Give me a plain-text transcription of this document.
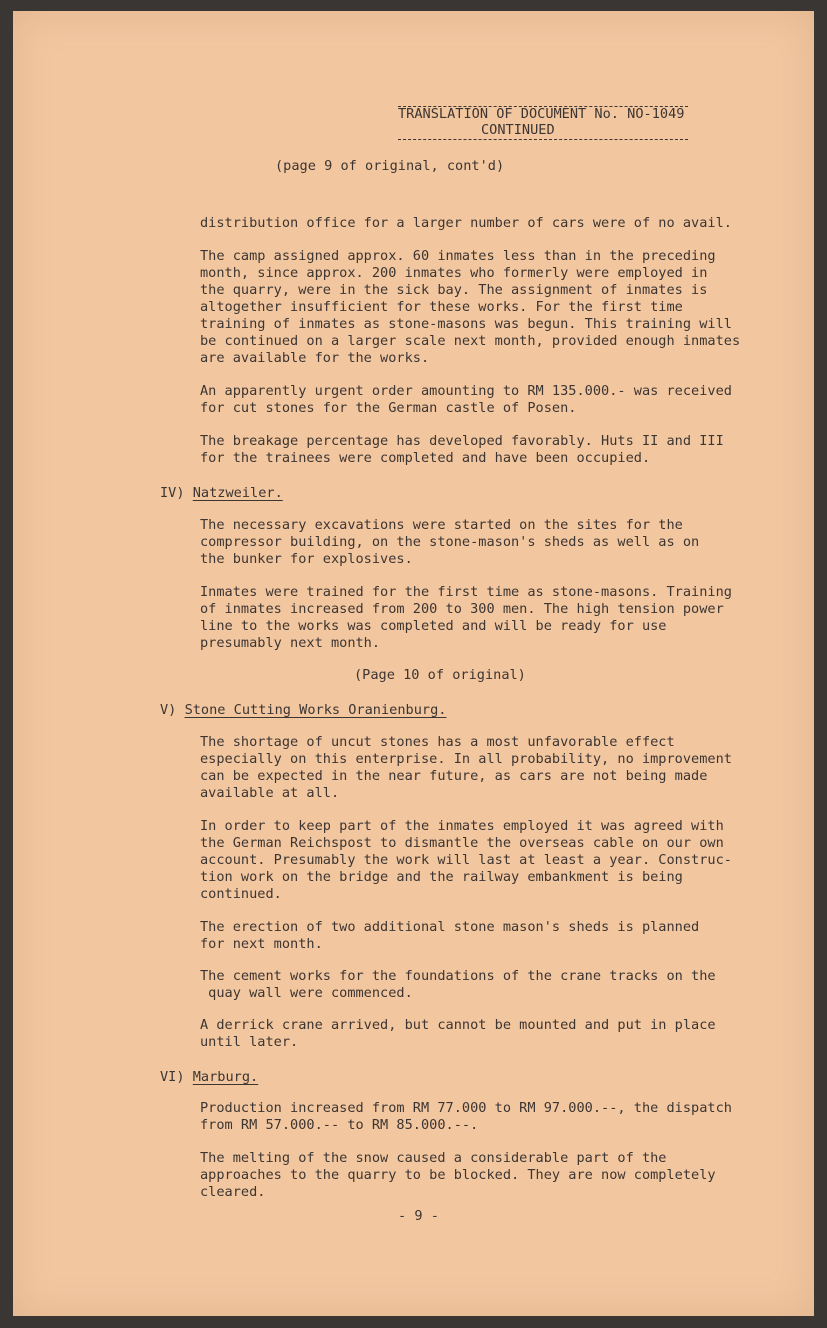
TRANSLATION OF DOCUMENT No. NO-1049

CONTINUED

(page 9 of original, cont'd)

distribution office for a larger number of cars were of no avail.

The camp assigned approx. 60 inmates less than in the preceding

month, since approx. 200 inmates who formerly were employed in

the quarry, were in the sick bay. The assignment of inmates is

altogether insufficient for these works. For the first time

training of inmates as stone-masons was begun. This training will

be continued on a larger scale next month, provided enough inmates

are available for the works.

An apparently urgent order amounting to RM 135.000.- was received

for cut stones for the German castle of Posen.

The breakage percentage has developed favorably. Huts II and III

for the trainees were completed and have been occupied.

IV) Natzweiler.

The necessary excavations were started on the sites for the

compressor building, on the stone-mason's sheds as well as on

the bunker for explosives.

Inmates were trained for the first time as stone-masons. Training

of inmates increased from 200 to 300 men. The high tension power

line to the works was completed and will be ready for use

presumably next month.

(Page 10 of original)

V) Stone Cutting Works Oranienburg.

The shortage of uncut stones has a most unfavorable effect

especially on this enterprise. In all probability, no improvement

can be expected in the near future, as cars are not being made

available at all.

In order to keep part of the inmates employed it was agreed with

the German Reichspost to dismantle the overseas cable on our own

account. Presumably the work will last at least a year. Construc-

tion work on the bridge and the railway embankment is being

continued.

The erection of two additional stone mason's sheds is planned

for next month.

The cement works for the foundations of the crane tracks on the

quay wall were commenced.

A derrick crane arrived, but cannot be mounted and put in place

until later.

VI) Marburg.

Production increased from RM 77.000 to RM 97.000.--, the dispatch

from RM 57.000.-- to RM 85.000.--.

The melting of the snow caused a considerable part of the

approaches to the quarry to be blocked. They are now completely

cleared.

- 9 -
